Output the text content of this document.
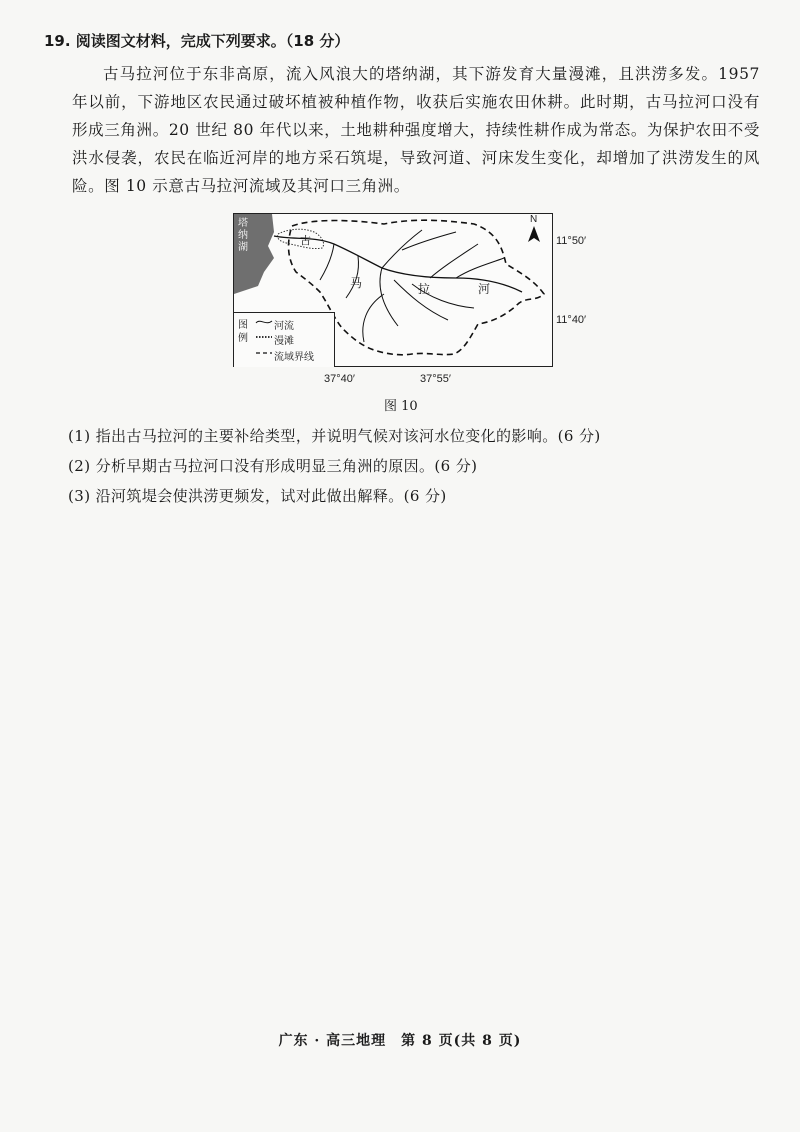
19. 阅读图文材料，完成下列要求。（18 分）
古马拉河位于东非高原，流入风浪大的塔纳湖，其下游发育大量漫滩，且洪涝多发。1957 年以前，下游地区农民通过破坏植被种植作物，收获后实施农田休耕。此时期，古马拉河口没有形成三角洲。20 世纪 80 年代以来，土地耕种强度增大，持续性耕作成为常态。为保护农田不受洪水侵袭，农民在临近河岸的地方采石筑堤，导致河道、河床发生变化，却增加了洪涝发生的风险。图 10 示意古马拉河流域及其河口三角洲。
塔纳湖
古
马	拉	河
N
图例
河流
漫滩
流域界线
11°50′
11°40′
37°40′	37°55′
图 10
(1) 指出古马拉河的主要补给类型，并说明气候对该河水位变化的影响。(6 分)
(2) 分析早期古马拉河口没有形成明显三角洲的原因。(6 分)
(3) 沿河筑堤会使洪涝更频发，试对此做出解释。(6 分)
广东 · 高三地理　第 8 页(共 8 页)
